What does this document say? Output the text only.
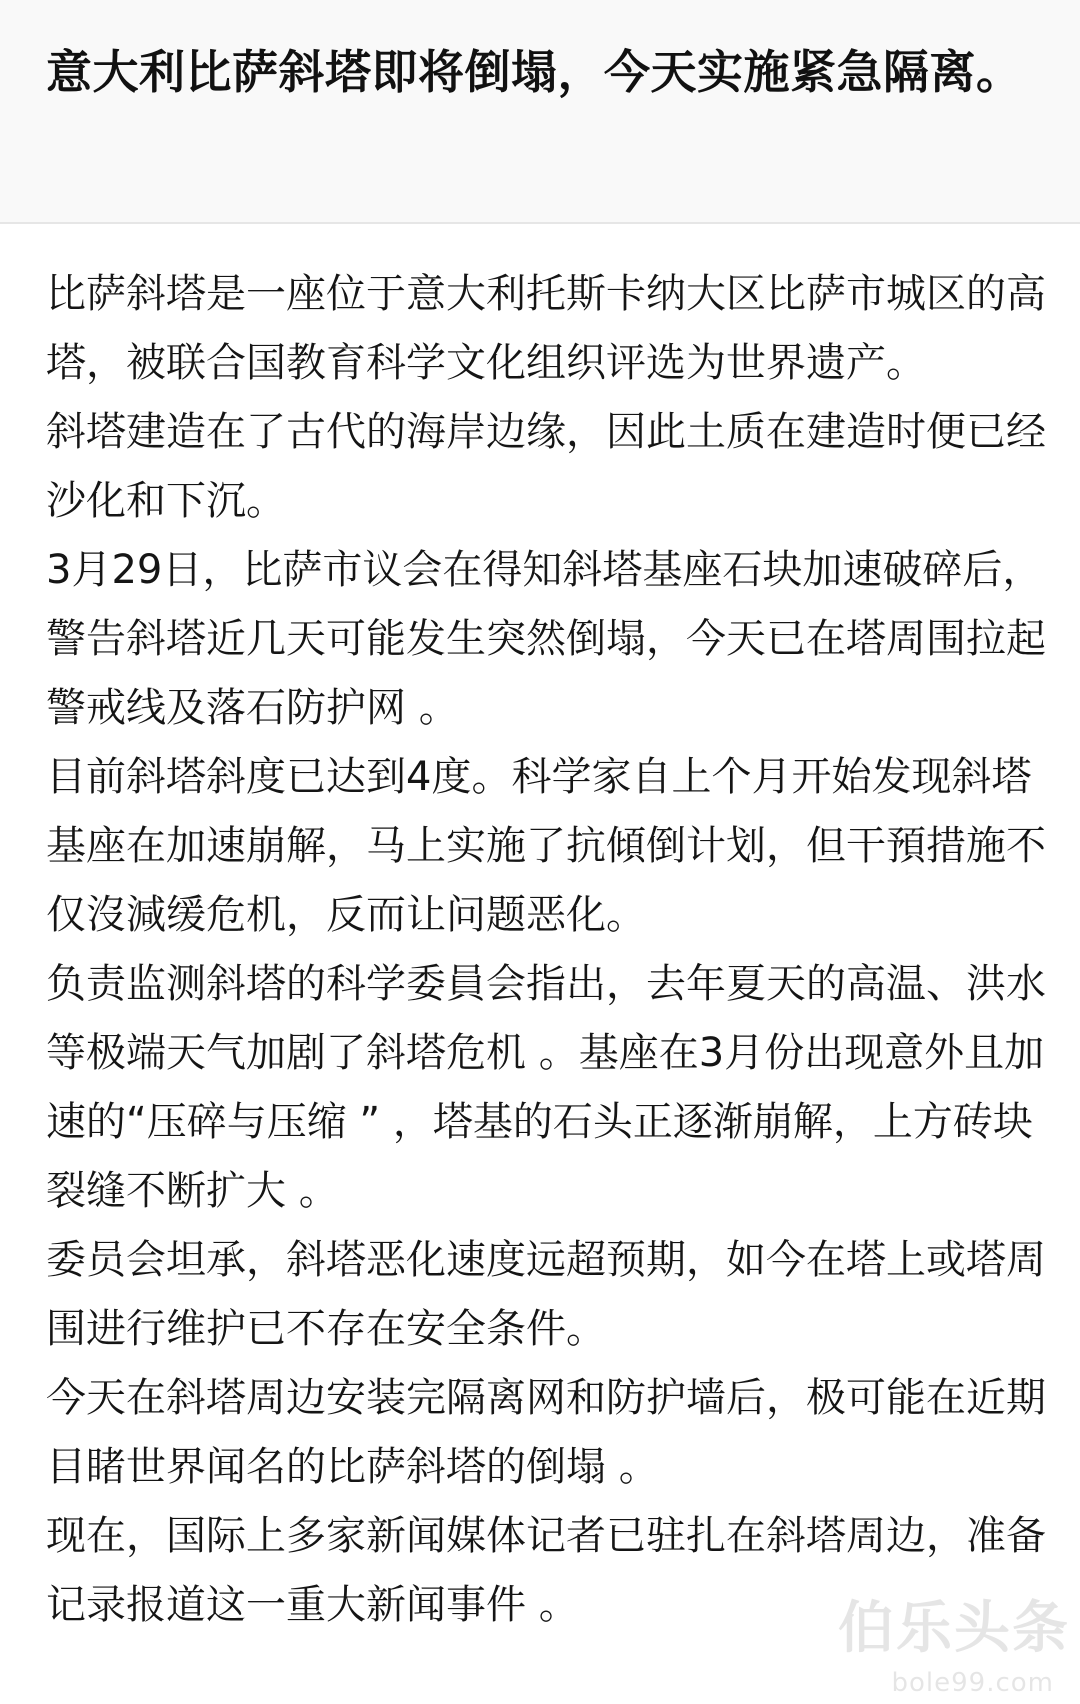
意大利比萨斜塔即将倒塌，今天实施紧急隔离。

比萨斜塔是一座位于意大利托斯卡纳大区比萨市城区的高塔，被联合国教育科学文化组织评选为世界遗产。

斜塔建造在了古代的海岸边缘，因此土质在建造时便已经沙化和下沉。

3月29日，比萨市议会在得知斜塔基座石块加速破碎后，警告斜塔近几天可能发生突然倒塌，今天已在塔周围拉起警戒线及落石防护网 。

目前斜塔斜度已达到4度。科学家自上个月开始发现斜塔基座在加速崩解，马上实施了抗傾倒计划，但干預措施不仅沒減缓危机，反而让问题恶化。

负责监测斜塔的科学委員会指出，去年夏天的高温、洪水等极端天气加剧了斜塔危机 。基座在3月份出现意外且加速的“压碎与压缩 ” ，塔基的石头正逐渐崩解，上方砖块裂缝不断扩大 。

委员会坦承，斜塔恶化速度远超预期，如今在塔上或塔周围进行维护已不存在安全条件。

今天在斜塔周边安装完隔离网和防护墙后，极可能在近期目睹世界闻名的比萨斜塔的倒塌 。

现在，国际上多家新闻媒体记者已驻扎在斜塔周边，准备记录报道这一重大新闻事件 。	伯乐头条
bole99.com
